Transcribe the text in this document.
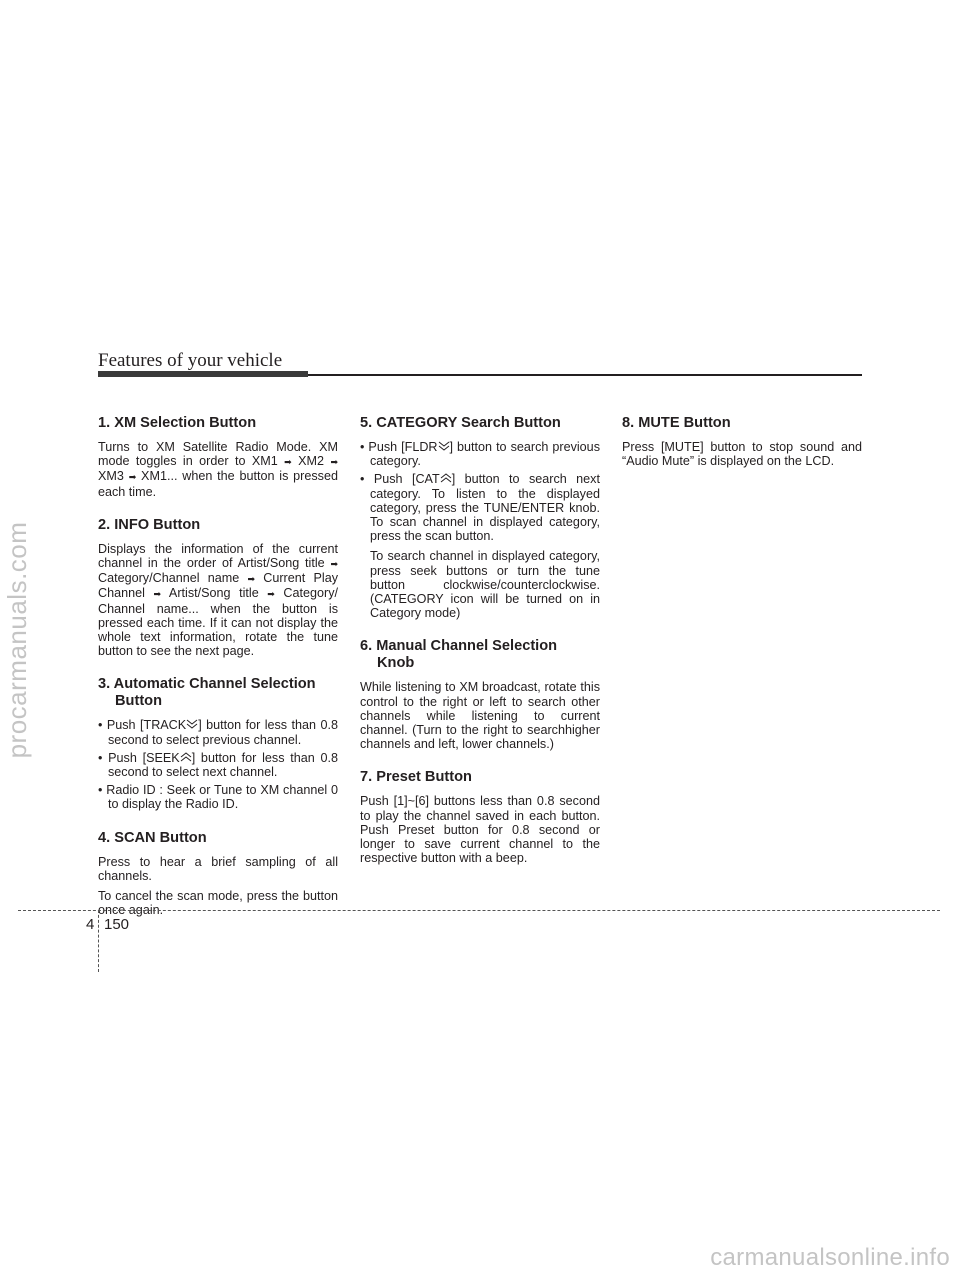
procarmanuals.com
Features of your vehicle
1. XM Selection Button

Turns to XM Satellite Radio Mode. XM mode toggles in order to XM1 ➡ XM2 ➡ XM3 ➡ XM1... when the button is pressed each time.

2. INFO Button

Displays the information of the current channel in the order of Artist/Song title ➡ Category/Channel name ➡ Current Play Channel ➡ Artist/Song title ➡ Category/ Channel name... when the button is pressed each time. If it can not display the whole text information, rotate the tune button to see the next page.

3. Automatic Channel Selection
Button
• Push [TRACK ] button for less than 0.8 second to select previous channel.
• Push [SEEK ] button for less than 0.8 second to select next channel.
• Radio ID : Seek or Tune to XM channel 0 to display the Radio ID.
4. SCAN Button

Press to hear a brief sampling of all channels.

To cancel the scan mode, press the button once again.

5. CATEGORY Search Button
• Push [FLDR ] button to search previous category.
• Push [CAT ] button to search next category. To listen to the displayed category, press the TUNE/ENTER knob. To scan channel in displayed category, press the scan button.

To search channel in displayed category, press seek buttons or turn the tune button clockwise/counterclockwise.(CATEGORY icon will be turned on in Category mode)

6. Manual Channel Selection
Knob

While listening to XM broadcast, rotate this control to the right or left to search other channels while listening to current channel. (Turn to the right to searchhigher channels and left, lower channels.)

7. Preset Button

Push [1]~[6] buttons less than 0.8 second to play the channel saved in each button. Push Preset button for 0.8 second or longer to save current channel to the respective button with a beep.

8. MUTE Button

Press [MUTE] button to stop sound and “Audio Mute” is displayed on the LCD.

4 150
carmanualsonline.info
